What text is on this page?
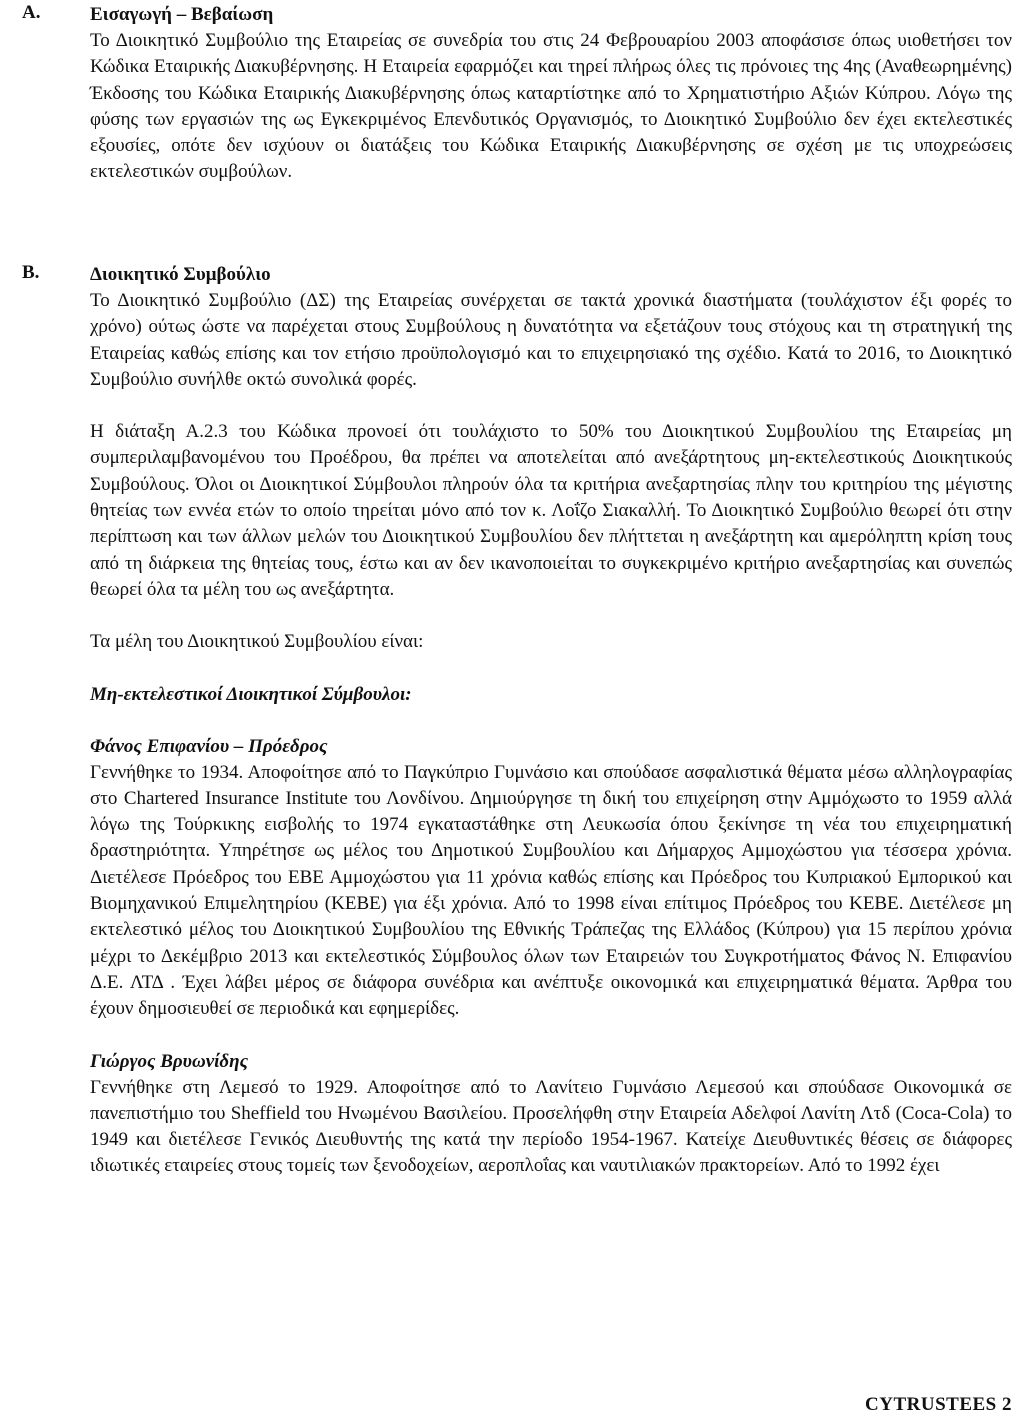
A.	Εισαγωγή – Βεβαίωση

Το Διοικητικό Συμβούλιο της Εταιρείας σε συνεδρία του στις 24 Φεβρουαρίου 2003 αποφάσισε όπως υιοθετήσει τον Κώδικα Εταιρικής Διακυβέρνησης. Η Εταιρεία εφαρμόζει και τηρεί πλήρως όλες τις πρόνοιες της 4ης (Αναθεωρημένης) Έκδοσης του Κώδικα Εταιρικής Διακυβέρνησης όπως καταρτίστηκε από το Χρηματιστήριο Αξιών Κύπρου. Λόγω της φύσης των εργασιών της ως Εγκεκριμένος Επενδυτικός Οργανισμός, το Διοικητικό Συμβούλιο δεν έχει εκτελεστικές εξουσίες, οπότε δεν ισχύουν οι διατάξεις του Κώδικα Εταιρικής Διακυβέρνησης σε σχέση με τις υποχρεώσεις εκτελεστικών συμβούλων.

B.	Διοικητικό Συμβούλιο

Το Διοικητικό Συμβούλιο (ΔΣ) της Εταιρείας συνέρχεται σε τακτά χρονικά διαστήματα (τουλάχιστον έξι φορές το χρόνο) ούτως ώστε να παρέχεται στους Συμβούλους η δυνατότητα να εξετάζουν τους στόχους και τη στρατηγική της Εταιρείας καθώς επίσης και τον ετήσιο προϋπολογισμό και το επιχειρησιακό της σχέδιο. Κατά το 2016, το Διοικητικό Συμβούλιο συνήλθε οκτώ συνολικά φορές.

Η διάταξη Α.2.3 του Κώδικα προνοεί ότι τουλάχιστο το 50% του Διοικητικού Συμβουλίου της Εταιρείας μη συμπεριλαμβανομένου του Προέδρου, θα πρέπει να αποτελείται από ανεξάρτητους μη-εκτελεστικούς Διοικητικούς Συμβούλους. Όλοι οι Διοικητικοί Σύμβουλοι πληρούν όλα τα κριτήρια ανεξαρτησίας πλην του κριτηρίου της μέγιστης θητείας των εννέα ετών το οποίο τηρείται μόνο από τον κ. Λοΐζο Σιακαλλή. Το Διοικητικό Συμβούλιο θεωρεί ότι στην περίπτωση και των άλλων μελών του Διοικητικού Συμβουλίου δεν πλήττεται η ανεξάρτητη και αμερόληπτη κρίση τους από τη διάρκεια της θητείας τους, έστω και αν δεν ικανοποιείται το συγκεκριμένο κριτήριο ανεξαρτησίας και συνεπώς θεωρεί όλα τα μέλη του ως ανεξάρτητα.

Τα μέλη του Διοικητικού Συμβουλίου είναι:

Μη-εκτελεστικοί Διοικητικοί Σύμβουλοι:

Φάνος Επιφανίου – Πρόεδρος

Γεννήθηκε το 1934. Αποφοίτησε από το Παγκύπριο Γυμνάσιο και σπούδασε ασφαλιστικά θέματα μέσω αλληλογραφίας στο Chartered Insurance Institute του Λονδίνου. Δημιούργησε τη δική του επιχείρηση στην Αμμόχωστο το 1959 αλλά λόγω της Τούρκικης εισβολής το 1974 εγκαταστάθηκε στη Λευκωσία όπου ξεκίνησε τη νέα του επιχειρηματική δραστηριότητα. Υπηρέτησε ως μέλος του Δημοτικού Συμβουλίου και Δήμαρχος Αμμοχώστου για τέσσερα χρόνια. Διετέλεσε Πρόεδρος του ΕΒΕ Αμμοχώστου για 11 χρόνια καθώς επίσης και Πρόεδρος του Κυπριακού Εμπορικού και Βιομηχανικού Επιμελητηρίου (ΚΕΒΕ) για έξι χρόνια. Από το 1998 είναι επίτιμος Πρόεδρος του ΚΕΒΕ. Διετέλεσε μη εκτελεστικό μέλος του Διοικητικού Συμβουλίου της Εθνικής Τράπεζας της Ελλάδος (Κύπρου) για 15 περίπου χρόνια μέχρι το Δεκέμβριο 2013 και εκτελεστικός Σύμβουλος όλων των Εταιρειών του Συγκροτήματος Φάνος Ν. Επιφανίου Δ.Ε. ΛΤΔ . Έχει λάβει μέρος σε διάφορα συνέδρια και ανέπτυξε οικονομικά και επιχειρηματικά θέματα. Άρθρα του έχουν δημοσιευθεί σε περιοδικά και εφημερίδες.

Γιώργος Βρυωνίδης

Γεννήθηκε στη Λεμεσό το 1929. Αποφοίτησε από το Λανίτειο Γυμνάσιο Λεμεσού και σπούδασε Οικονομικά σε πανεπιστήμιο του Sheffield του Ηνωμένου Βασιλείου. Προσελήφθη στην Εταιρεία Αδελφοί Λανίτη Λτδ (Coca-Cola) το 1949 και διετέλεσε Γενικός Διευθυντής της κατά την περίοδο 1954-1967. Κατείχε Διευθυντικές θέσεις σε διάφορες ιδιωτικές εταιρείες στους τομείς των ξενοδοχείων, αεροπλοΐας και ναυτιλιακών πρακτορείων. Από το 1992 έχει

CYTRUSTEES 2
